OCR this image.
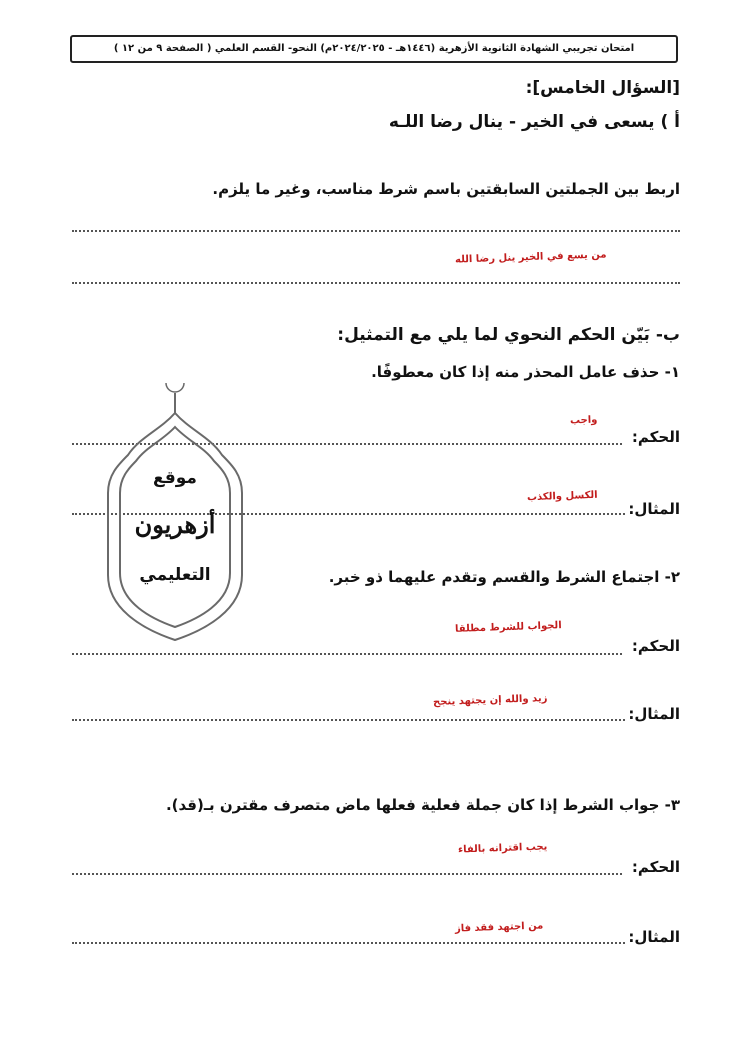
امتحان تجريبي الشهادة الثانوية الأزهرية (١٤٤٦هـ - ٢٠٢٤/٢٠٢٥م) النحو- القسم العلمي ( الصفحة ٩ من ١٢ )
[السؤال الخامس]:
أ ) يسعى في الخير - ينال رضا اللـه
اربط بين الجملتين السابقتين باسم شرط مناسب، وغير ما يلزم.
من يسع في الخير ينل رضا الله
ب- بَيّن الحكم النحوي لما يلي مع التمثيل:
١- حذف عامل المحذر منه إذا كان معطوفًا.
واجب
الحكم:
الكسل والكذب
المثال:
٢- اجتماع الشرط والقسم وتقدم عليهما ذو خبر.
الجواب للشرط مطلقا
الحكم:
زيد والله إن يجتهد ينجح
المثال:
٣- جواب الشرط إذا كان جملة فعلية فعلها ماض متصرف مقترن بـ(قد).
يجب اقترانه بالفاء
الحكم:
من اجتهد فقد فاز
المثال:
موقع
أزهريون
التعليمي
